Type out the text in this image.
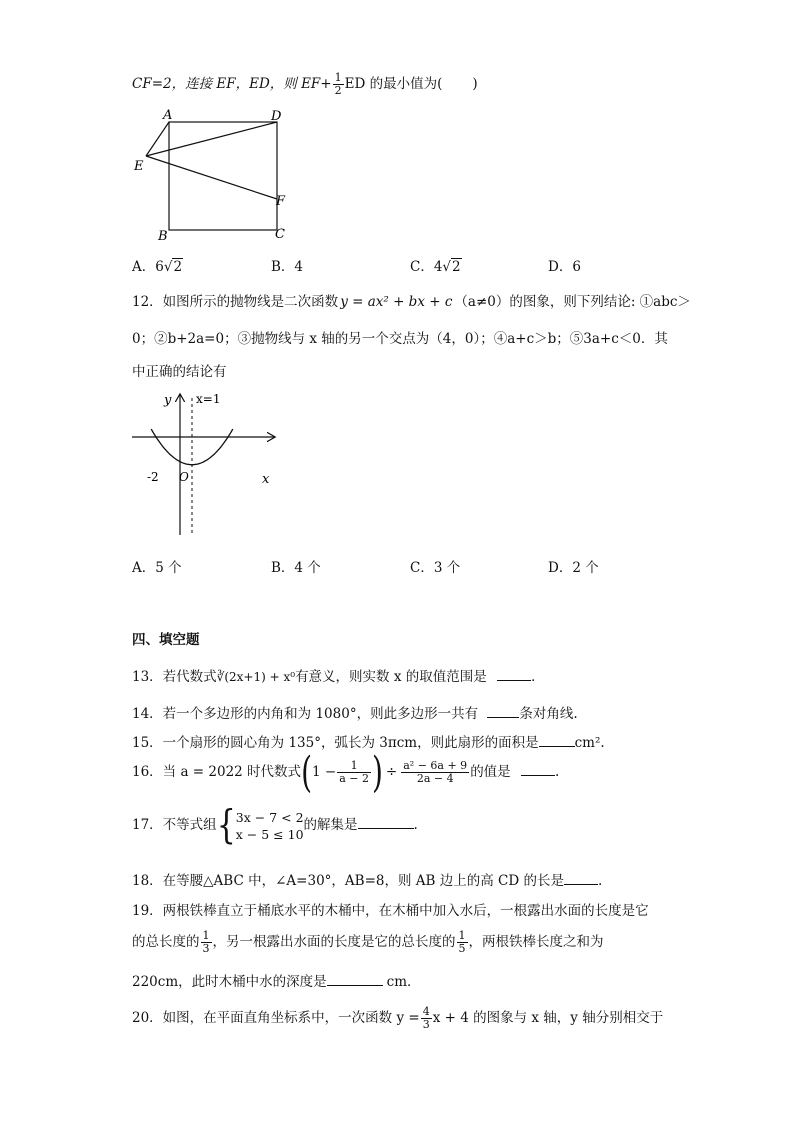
CF=2，连接 EF，ED，则 $EF+ \frac{1}{2}$ ED 的最小值为( )
A	D
E
F
B	C
A．6√2	B．4	C．4√2	D．6
12．如图所示的抛物线是二次函数 y = ax² + bx + c （a≠0）的图象，则下列结论: ①abc＞
0；②b+2a=0；③抛物线与 x 轴的另一个交点为（4，0）；④a+c＞b；⑤3a+c＜0．其
中正确的结论有
y x=1
-2 O	x
A．5 个	B．4 个	C．3 个	D．2 个
四、填空题
13．若代数式∛(2x+1) + x⁰有意义，则实数 x 的取值范围是	．
14．若一个多边形的内角和为 1080°，则此多边形一共有	条对角线.
15．一个扇形的圆心角为 135°，弧长为 3πcm，则此扇形的面积是	cm².
16．当 a = 2022 时代数式($1 - \frac{1}{a - 2}$ ) ÷ $\frac{\text{a² − 6a + 9}}{2a - 4}$ 的值是	.
17．不等式组{ 3x − 7 < 2
x − 5 ≤ 10
的解集是	.
18．在等腰△ABC 中，∠A=30°，AB=8，则 AB 边上的高 CD 的长是	.
19．两根铁棒直立于桶底水平的木桶中，在木桶中加入水后，一根露出水面的长度是它
的总长度的 $\frac{1}{3}$ ，另一根露出水面的长度是它的总长度的 $\frac{1}{5}$ ，两根铁棒长度之和为
220cm，此时木桶中水的深度是	cm．
20．如图，在平面直角坐标系中，一次函数 $y = \frac{4}{3}$ x + 4 的图象与 x 轴，y 轴分别相交于
